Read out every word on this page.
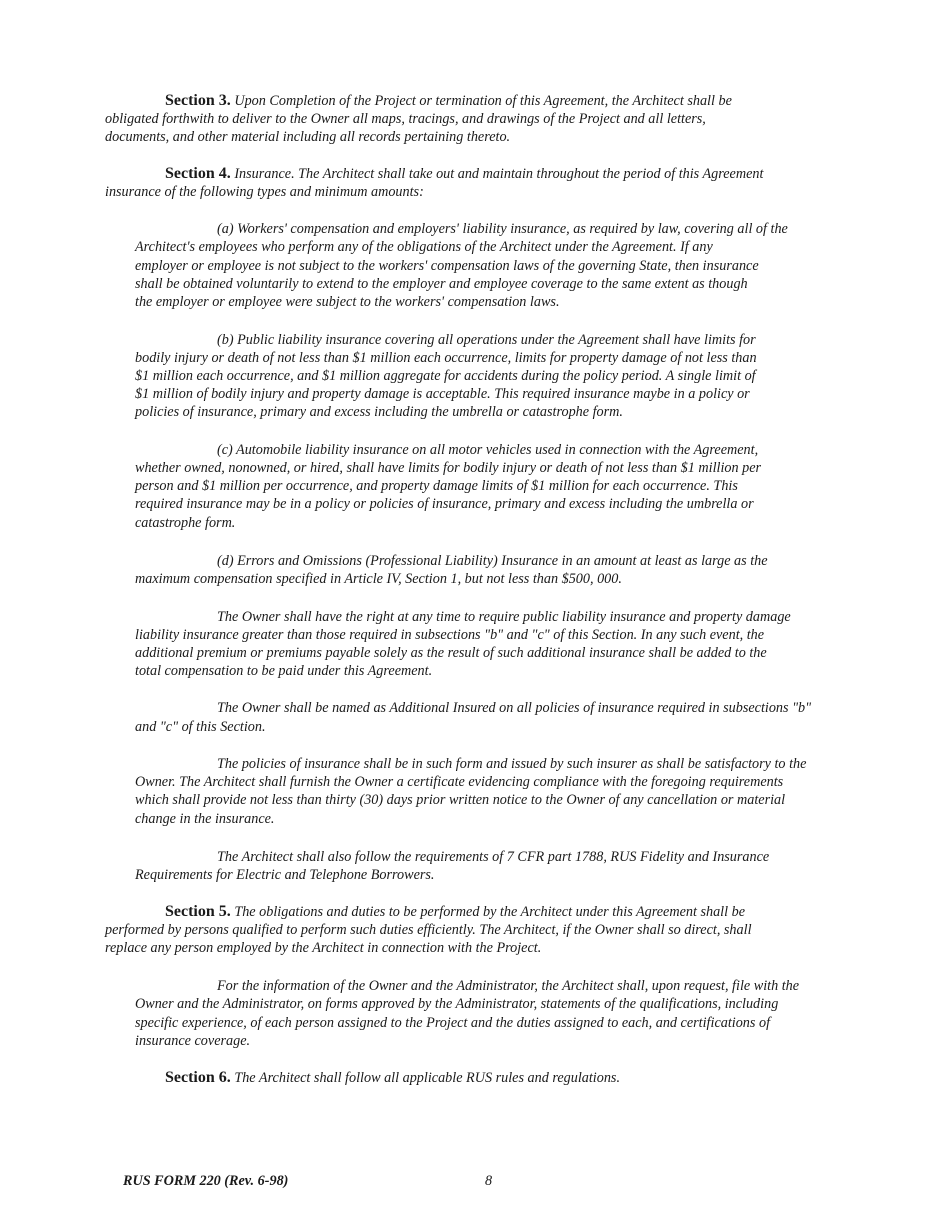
Section 3. Upon Completion of the Project or termination of this Agreement, the Architect shall be
obligated forthwith to deliver to the Owner all maps, tracings, and drawings of the Project and all letters,
documents, and other material including all records pertaining thereto.
Section 4. Insurance. The Architect shall take out and maintain throughout the period of this Agreement
insurance of the following types and minimum amounts:
(a) Workers' compensation and employers' liability insurance, as required by law, covering all of the
Architect's employees who perform any of the obligations of the Architect under the Agreement. If any
employer or employee is not subject to the workers' compensation laws of the governing State, then insurance
shall be obtained voluntarily to extend to the employer and employee coverage to the same extent as though
the employer or employee were subject to the workers' compensation laws.
(b) Public liability insurance covering all operations under the Agreement shall have limits for
bodily injury or death of not less than $1 million each occurrence, limits for property damage of not less than
$1 million each occurrence, and $1 million aggregate for accidents during the policy period. A single limit of
$1 million of bodily injury and property damage is acceptable. This required insurance maybe in a policy or
policies of insurance, primary and excess including the umbrella or catastrophe form.
(c) Automobile liability insurance on all motor vehicles used in connection with the Agreement,
whether owned, nonowned, or hired, shall have limits for bodily injury or death of not less than $1 million per
person and $1 million per occurrence, and property damage limits of $1 million for each occurrence. This
required insurance may be in a policy or policies of insurance, primary and excess including the umbrella or
catastrophe form.
(d) Errors and Omissions (Professional Liability) Insurance in an amount at least as large as the
maximum compensation specified in Article IV, Section 1, but not less than $500, 000.
The Owner shall have the right at any time to require public liability insurance and property damage
liability insurance greater than those required in subsections "b" and "c" of this Section. In any such event, the
additional premium or premiums payable solely as the result of such additional insurance shall be added to the
total compensation to be paid under this Agreement.
The Owner shall be named as Additional Insured on all policies of insurance required in subsections "b"
and "c" of this Section.
The policies of insurance shall be in such form and issued by such insurer as shall be satisfactory to the
Owner. The Architect shall furnish the Owner a certificate evidencing compliance with the foregoing requirements
which shall provide not less than thirty (30) days prior written notice to the Owner of any cancellation or material
change in the insurance.
The Architect shall also follow the requirements of 7 CFR part 1788, RUS Fidelity and Insurance
Requirements for Electric and Telephone Borrowers.
Section 5. The obligations and duties to be performed by the Architect under this Agreement shall be
performed by persons qualified to perform such duties efficiently. The Architect, if the Owner shall so direct, shall
replace any person employed by the Architect in connection with the Project.
For the information of the Owner and the Administrator, the Architect shall, upon request, file with the
Owner and the Administrator, on forms approved by the Administrator, statements of the qualifications, including
specific experience, of each person assigned to the Project and the duties assigned to each, and certifications of
insurance coverage.
Section 6. The Architect shall follow all applicable RUS rules and regulations.
RUS FORM 220 (Rev. 6-98)	8
